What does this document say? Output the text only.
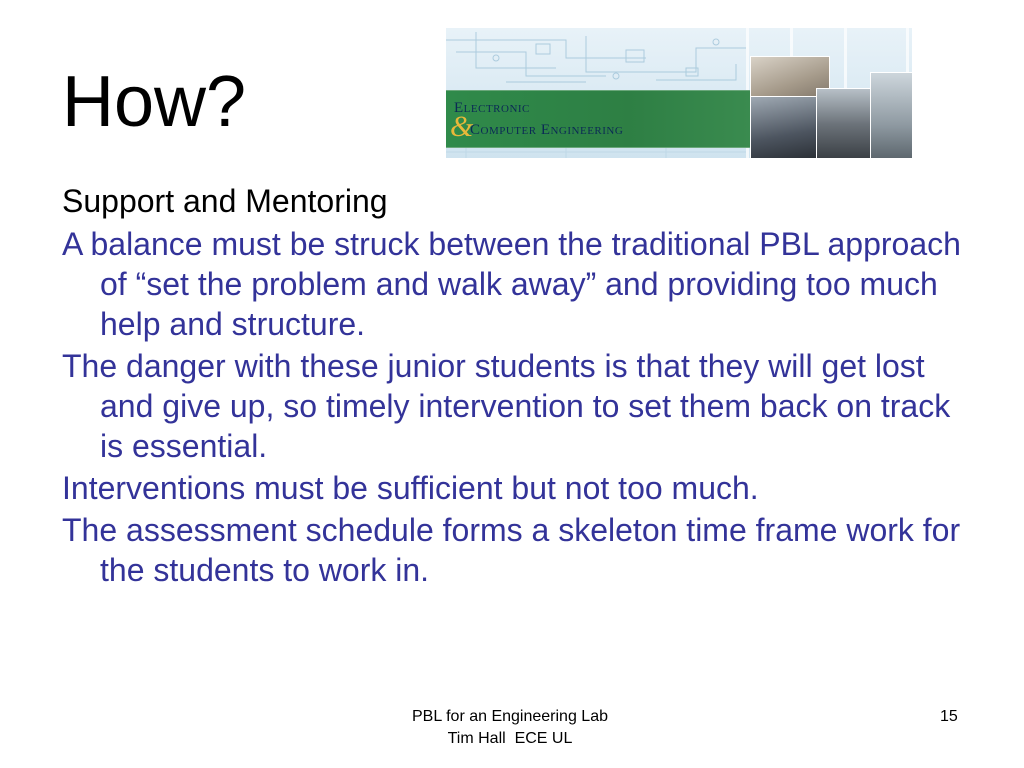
How?	&
Electronic
Computer Engineering

Support and Mentoring

A balance must be struck between the traditional PBL approach of “set the problem and walk away” and providing too much help and structure.

The danger with these junior students is that they will get lost and give up, so timely intervention to set them back on track is essential.

Interventions must be sufficient but not too much.

The assessment schedule forms a skeleton time frame work for the students to work in.

PBL for an Engineering Lab
Tim Hall  ECE UL
15
